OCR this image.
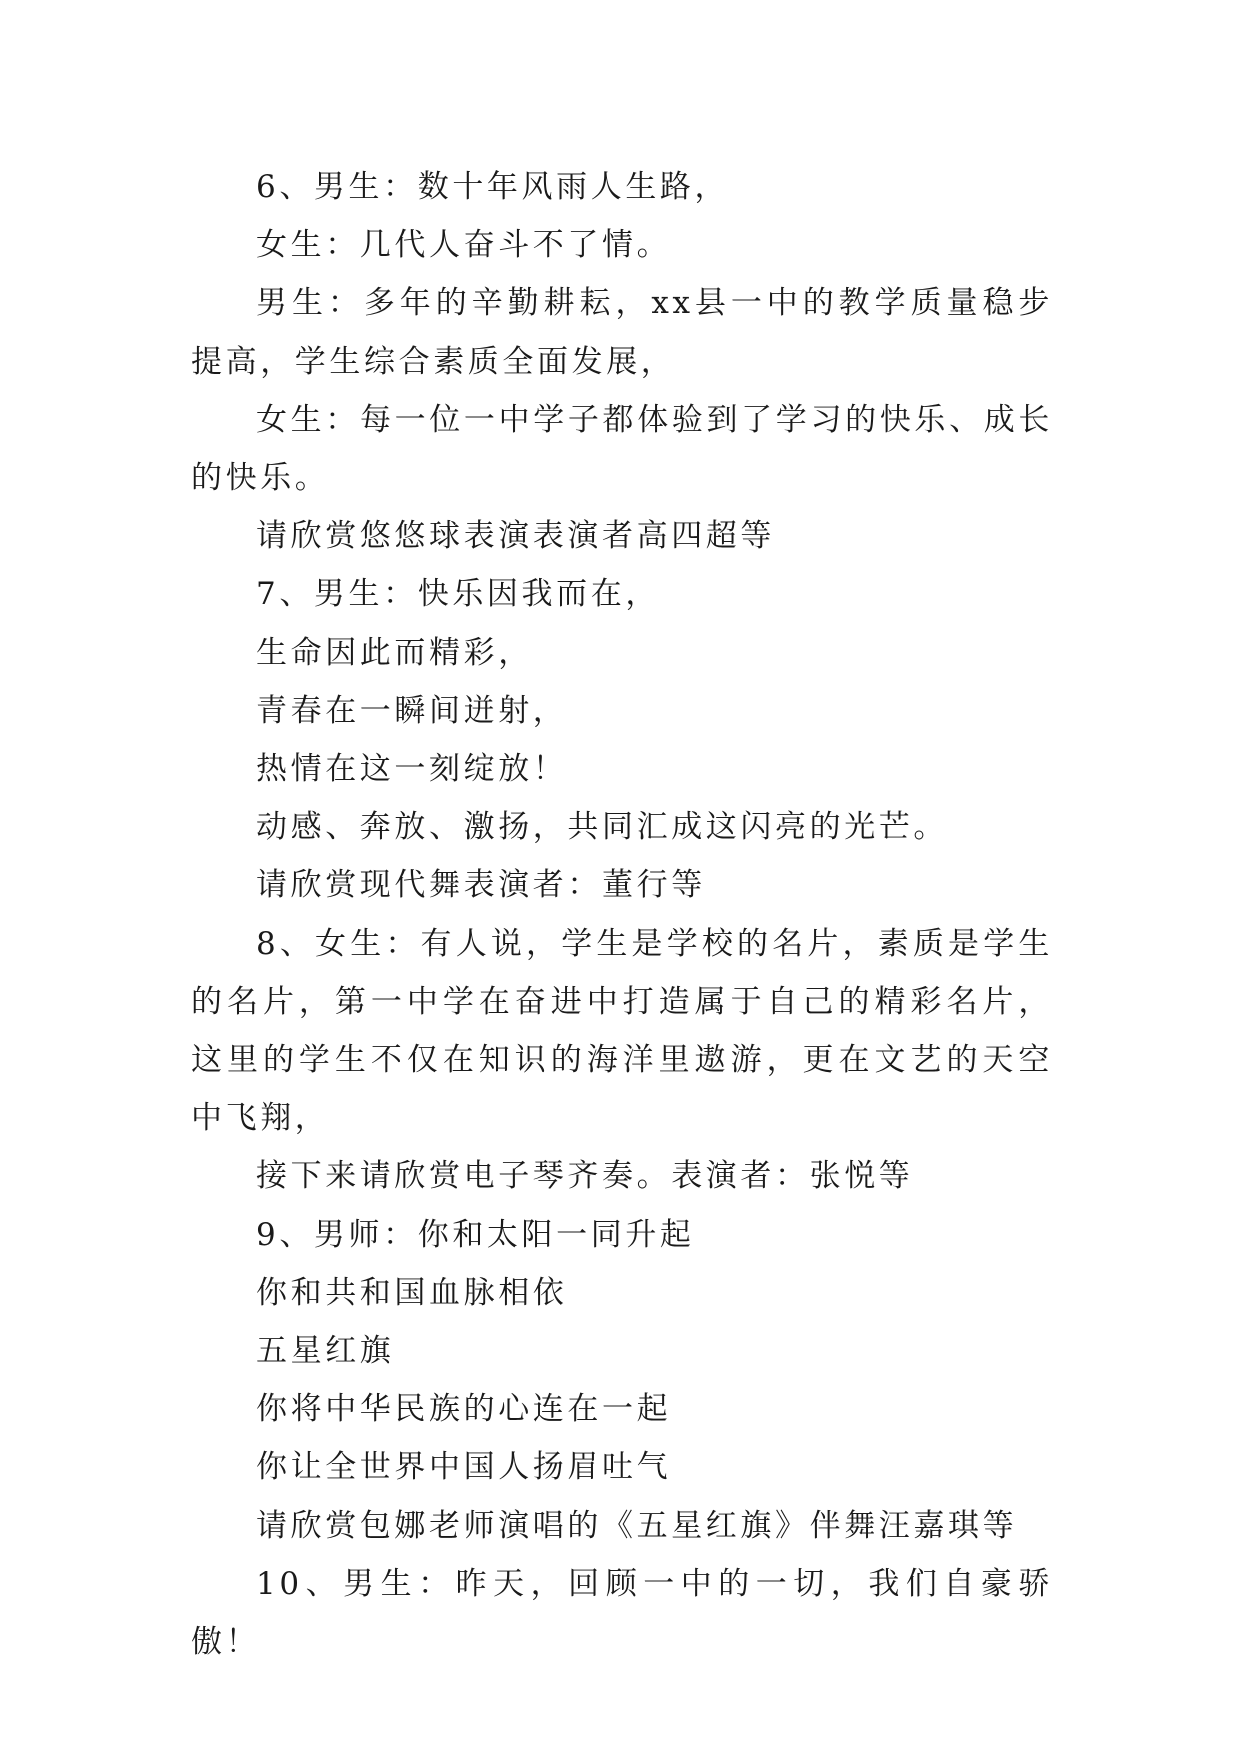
6、男生：数十年风雨人生路，

女生：几代人奋斗不了情。

男生：多年的辛勤耕耘，xx县一中的教学质量稳步提高，学生综合素质全面发展，

女生：每一位一中学子都体验到了学习的快乐、成长的快乐。

请欣赏悠悠球表演表演者高四超等

7、男生：快乐因我而在，

生命因此而精彩，

青春在一瞬间迸射，

热情在这一刻绽放！

动感、奔放、激扬，共同汇成这闪亮的光芒。

请欣赏现代舞表演者：董行等

8、女生：有人说，学生是学校的名片，素质是学生的名片，第一中学在奋进中打造属于自己的精彩名片，这里的学生不仅在知识的海洋里遨游，更在文艺的天空中飞翔，

接下来请欣赏电子琴齐奏。表演者：张悦等

9、男师：你和太阳一同升起

你和共和国血脉相依

五星红旗

你将中华民族的心连在一起

你让全世界中国人扬眉吐气

请欣赏包娜老师演唱的《五星红旗》伴舞汪嘉琪等

10、男生：昨天，回顾一中的一切，我们自豪骄傲！
